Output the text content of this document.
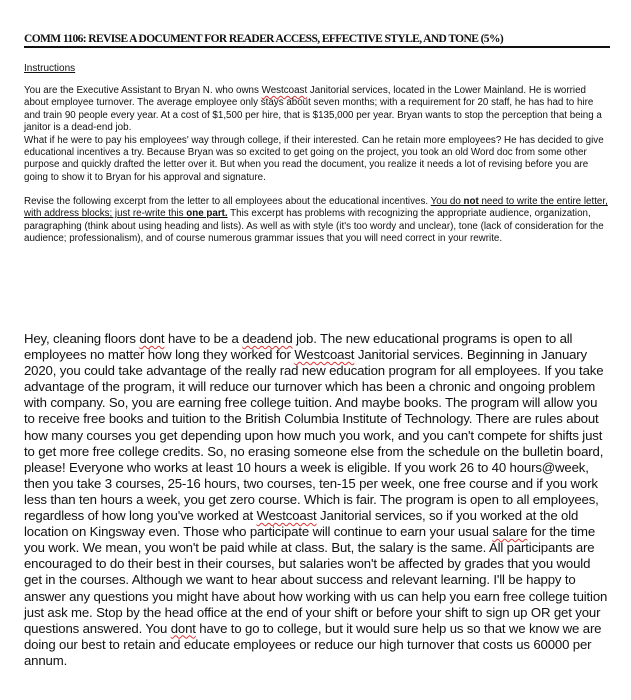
COMM 1106: REVISE A DOCUMENT FOR READER ACCESS, EFFECTIVE STYLE, AND TONE (5%)
Instructions
You are the Executive Assistant to Bryan N. who owns Westcoast Janitorial services, located in the Lower Mainland. He is worried about employee turnover. The average employee only stays about seven months; with a requirement for 20 staff, he has had to hire and train 90 people every year. At a cost of $1,500 per hire, that is $135,000 per year. Bryan wants to stop the perception that being a janitor is a dead-end job.
What if he were to pay his employees' way through college, if their interested. Can he retain more employees? He has decided to give educational incentives a try. Because Bryan was so excited to get going on the project, you took an old Word doc from some other purpose and quickly drafted the letter over it. But when you read the document, you realize it needs a lot of revising before you are going to show it to Bryan for his approval and signature.
Revise the following excerpt from the letter to all employees about the educational incentives. You do not need to write the entire letter, with address blocks; just re-write this one part. This excerpt has problems with recognizing the appropriate audience, organization, paragraphing (think about using heading and lists). As well as with style (it's too wordy and unclear), tone (lack of consideration for the audience; professionalism), and of course numerous grammar issues that you will need correct in your rewrite.
Hey, cleaning floors dont have to be a deadend job. The new educational programs is open to all employees no matter how long they worked for Westcoast Janitorial services. Beginning in January 2020, you could take advantage of the really rad new education program for all employees. If you take advantage of the program, it will reduce our turnover which has been a chronic and ongoing problem with company. So, you are earning free college tuition. And maybe books. The program will allow you to receive free books and tuition to the British Columbia Institute of Technology. There are rules about how many courses you get depending upon how much you work, and you can't compete for shifts just to get more free college credits. So, no erasing someone else from the schedule on the bulletin board, please! Everyone who works at least 10 hours a week is eligible. If you work 26 to 40 hours@week, then you take 3 courses, 25-16 hours, two courses, ten-15 per week, one free course and if you work less than ten hours a week, you get zero course. Which is fair. The program is open to all employees, regardless of how long you've worked at Westcoast Janitorial services, so if you worked at the old location on Kingsway even. Those who participate will continue to earn your usual salare for the time you work. We mean, you won't be paid while at class. But, the salary is the same. All participants are encouraged to do their best in their courses, but salaries won't be affected by grades that you would get in the courses. Although we want to hear about success and relevant learning. I'll be happy to answer any questions you might have about how working with us can help you earn free college tuition just ask me. Stop by the head office at the end of your shift or before your shift to sign up OR get your questions answered. You dont have to go to college, but it would sure help us so that we know we are doing our best to retain and educate employees or reduce our high turnover that costs us 60000 per annum.
